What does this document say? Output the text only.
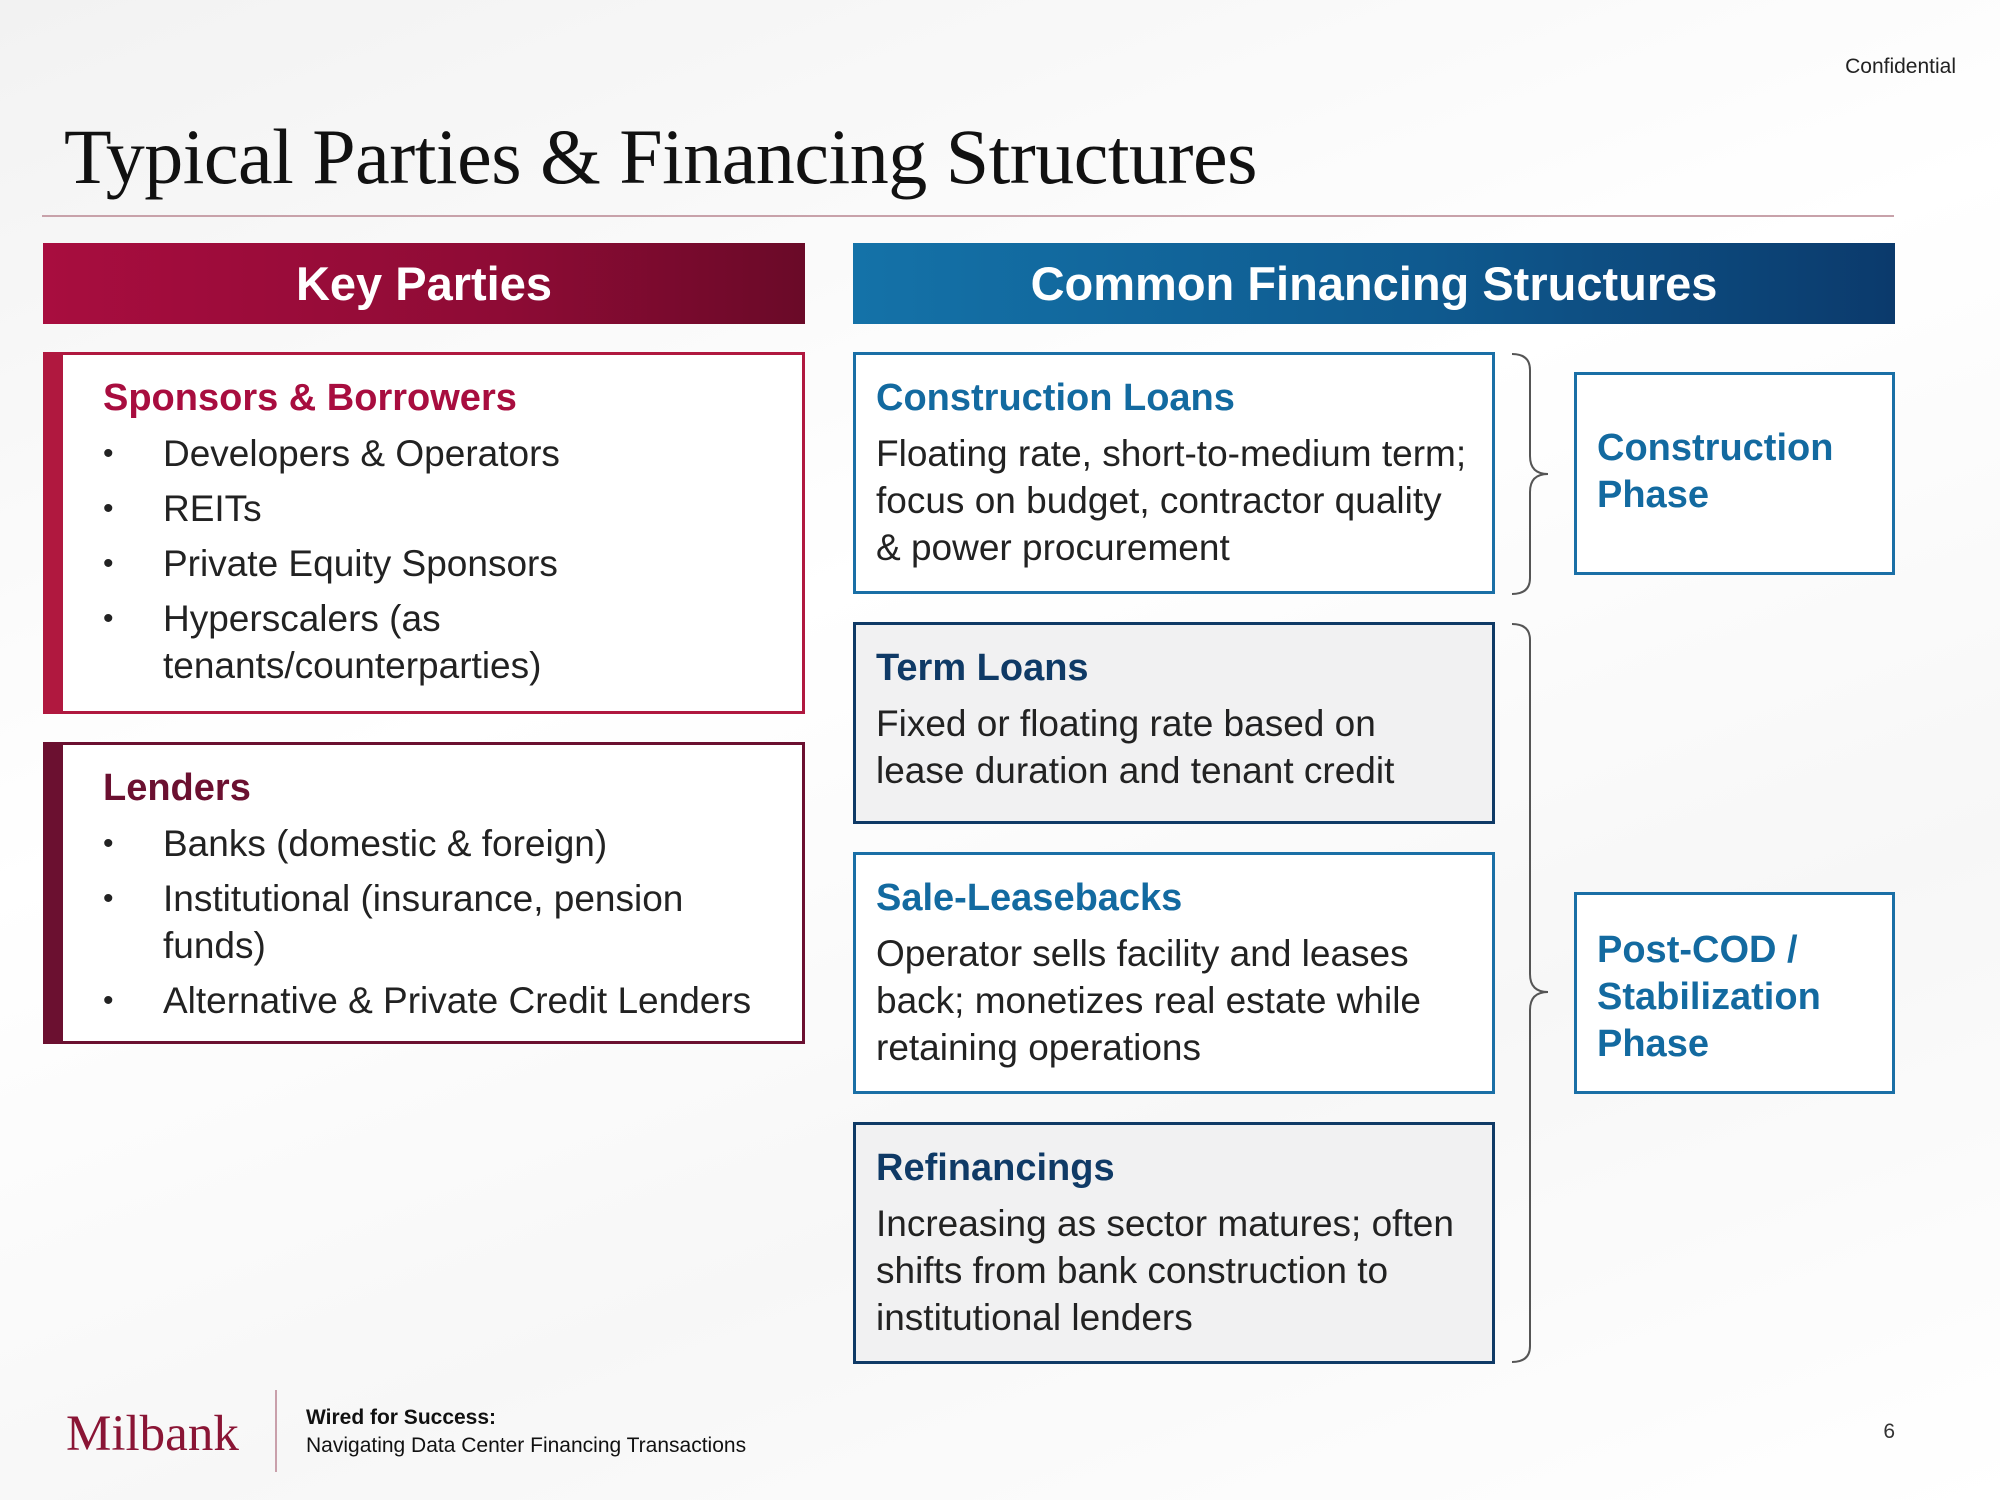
Confidential
Typical Parties & Financing Structures
Key Parties
Sponsors & Borrowers
• Developers & Operators
• REITs
• Private Equity Sponsors
• Hyperscalers (as tenants/counterparties)
Lenders
• Banks (domestic & foreign)
• Institutional (insurance, pension funds)
• Alternative & Private Credit Lenders
Common Financing Structures
Construction Loans

Floating rate, short-to-medium term; focus on budget, contractor quality & power procurement

Term Loans

Fixed or floating rate based on lease duration and tenant credit

Sale-Leasebacks

Operator sells facility and leases back; monetizes real estate while retaining operations

Refinancings

Increasing as sector matures; often shifts from bank construction to institutional lenders

Construction Phase
Post-COD / Stabilization Phase
Milbank	Wired for Success:
Navigating Data Center Financing Transactions
6
